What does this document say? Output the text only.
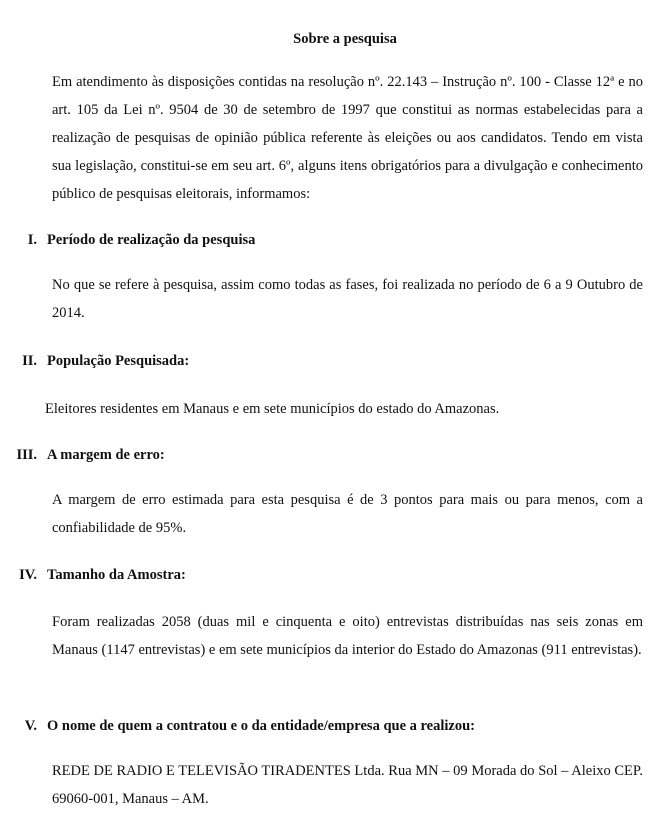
Sobre a pesquisa
Em atendimento às disposições contidas na resolução nº. 22.143 – Instrução nº. 100 - Classe 12ª e no art. 105 da Lei nº. 9504 de 30 de setembro de 1997 que constitui as normas estabelecidas para a realização de pesquisas de opinião pública referente às eleições ou aos candidatos. Tendo em vista sua legislação, constitui-se em seu art. 6º, alguns itens obrigatórios para a divulgação e conhecimento público de pesquisas eleitorais, informamos:
I. Período de realização da pesquisa
No que se refere à pesquisa, assim como todas as fases, foi realizada no período de 6 a 9 Outubro de 2014.
II. População Pesquisada:
Eleitores residentes em Manaus e em sete municípios do estado do Amazonas.
III. A margem de erro:
A margem de erro estimada para esta pesquisa é de 3 pontos para mais ou para menos, com a confiabilidade de 95%.
IV. Tamanho da Amostra:
Foram realizadas 2058 (duas mil e cinquenta e oito) entrevistas distribuídas nas seis zonas em Manaus (1147 entrevistas) e em sete municípios da interior do Estado do Amazonas (911 entrevistas).
V. O nome de quem a contratou e o da entidade/empresa que a realizou:
REDE DE RADIO E TELEVISÃO TIRADENTES Ltda. Rua MN – 09 Morada do Sol – Aleixo CEP. 69060-001, Manaus – AM.
